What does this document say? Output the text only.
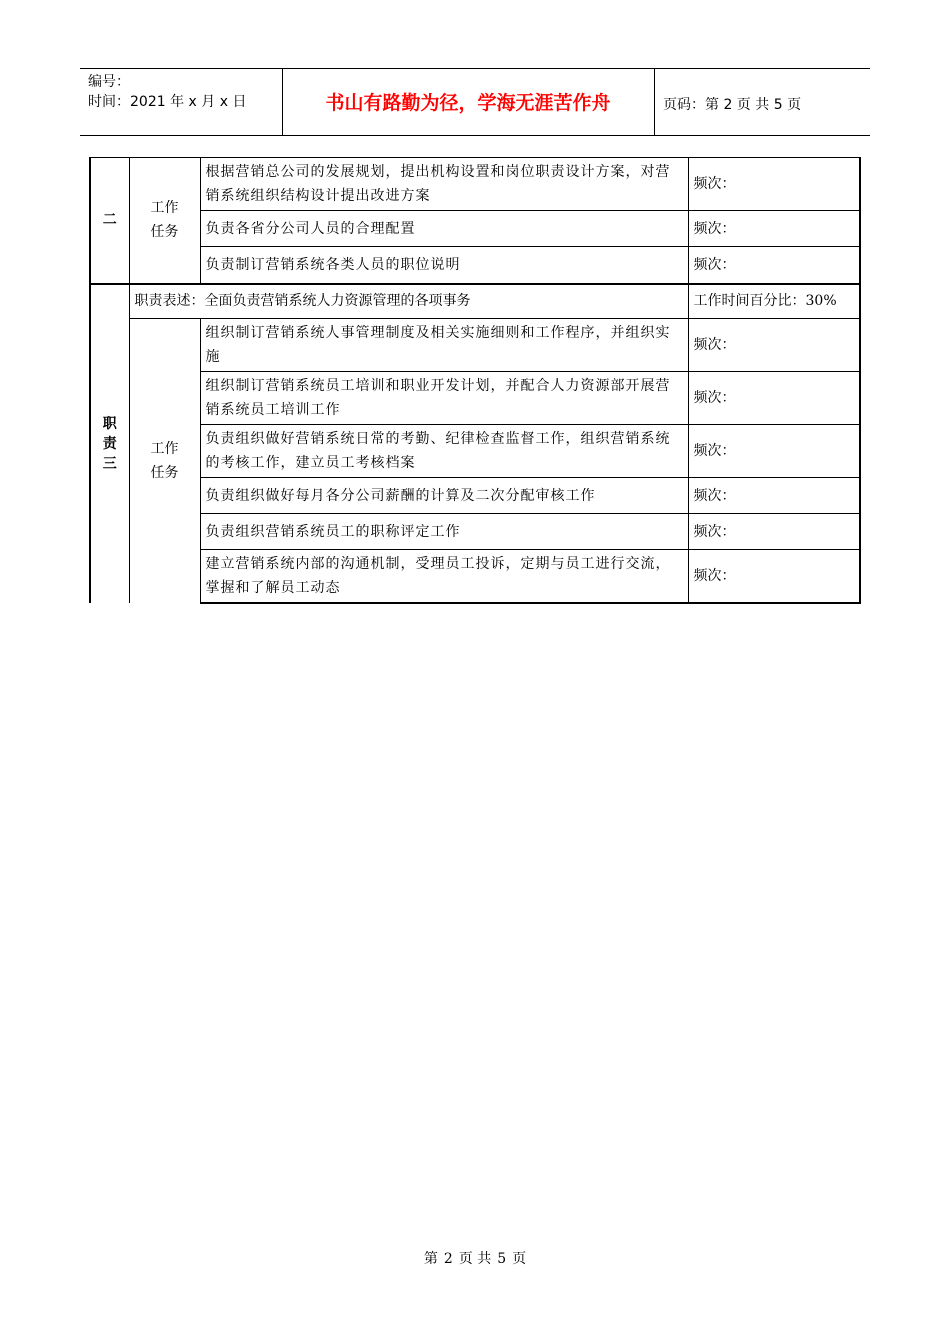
编号：
时间：2021 年 x 月 x 日	书山有路勤为径，学海无涯苦作舟	页码：第 2 页 共 5 页
二	工作任务	根据营销总公司的发展规划，提出机构设置和岗位职责设计方案，对营销系统组织结构设计提出改进方案	频次：
		负责各省分公司人员的合理配置	频次：
		负责制订营销系统各类人员的职位说明	频次：

职责三	职责表述：全面负责营销系统人力资源管理的各项事务		工作时间百分比：30%

	工作任务	组织制订营销系统人事管理制度及相关实施细则和工作程序，并组织实施	频次：
		组织制订营销系统员工培训和职业开发计划，并配合人力资源部开展营销系统员工培训工作	频次：
		负责组织做好营销系统日常的考勤、纪律检查监督工作，组织营销系统的考核工作，建立员工考核档案	频次：
		负责组织做好每月各分公司薪酬的计算及二次分配审核工作	频次：
		负责组织营销系统员工的职称评定工作	频次：
		建立营销系统内部的沟通机制，受理员工投诉，定期与员工进行交流，掌握和了解员工动态	频次：
第 2 页 共 5 页
